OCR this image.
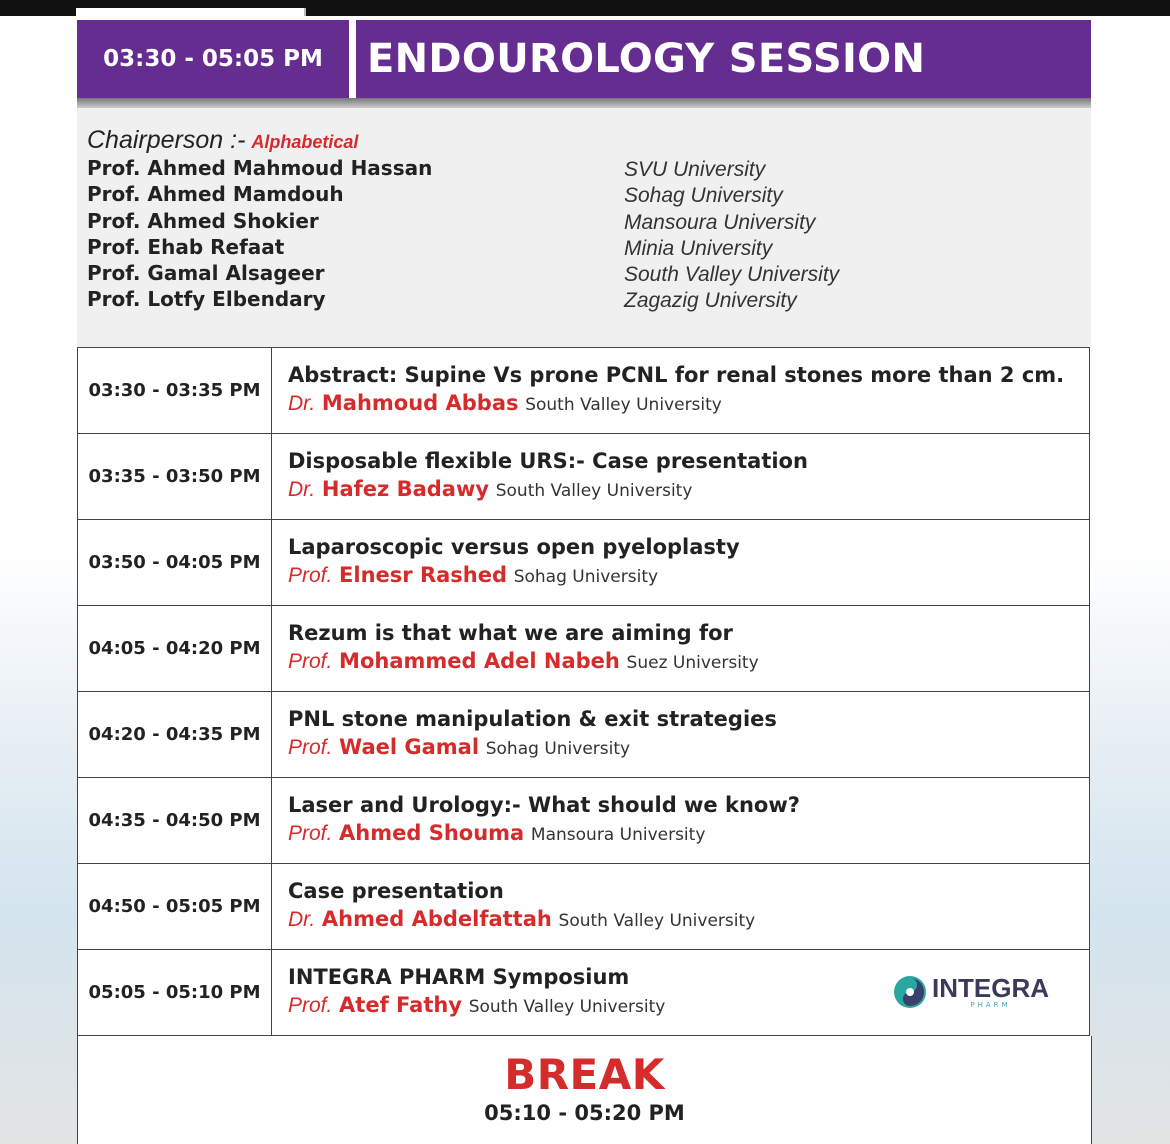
03:30 - 05:05 PM	ENDOUROLOGY SESSION
Chairperson :- Alphabetical
Prof. Ahmed Mahmoud Hassan	SVU University
Prof. Ahmed Mamdouh	Sohag University
Prof. Ahmed Shokier	Mansoura University
Prof. Ehab Refaat	Minia University
Prof. Gamal Alsageer	South Valley University
Prof. Lotfy Elbendary	Zagazig University
03:30 - 03:35 PM	Abstract: Supine Vs prone PCNL for renal stones more than 2 cm.
Dr. Mahmoud Abbas South Valley University

03:35 - 03:50 PM	Disposable flexible URS:- Case presentation
Dr. Hafez Badawy South Valley University

03:50 - 04:05 PM	Laparoscopic versus open pyeloplasty
Prof. Elnesr Rashed Sohag University

04:05 - 04:20 PM	Rezum is that what we are aiming for
Prof. Mohammed Adel Nabeh Suez University

04:20 - 04:35 PM	PNL stone manipulation & exit strategies
Prof. Wael Gamal Sohag University

04:35 - 04:50 PM	Laser and Urology:- What should we know?
Prof. Ahmed Shouma Mansoura University

04:50 - 05:05 PM	Case presentation
Dr. Ahmed Abdelfattah South Valley University

05:05 - 05:10 PM	INTEGRA PHARM Symposium
Prof. Atef Fathy South Valley University
INTEGRA
PHARM
BREAK
05:10 - 05:20 PM
